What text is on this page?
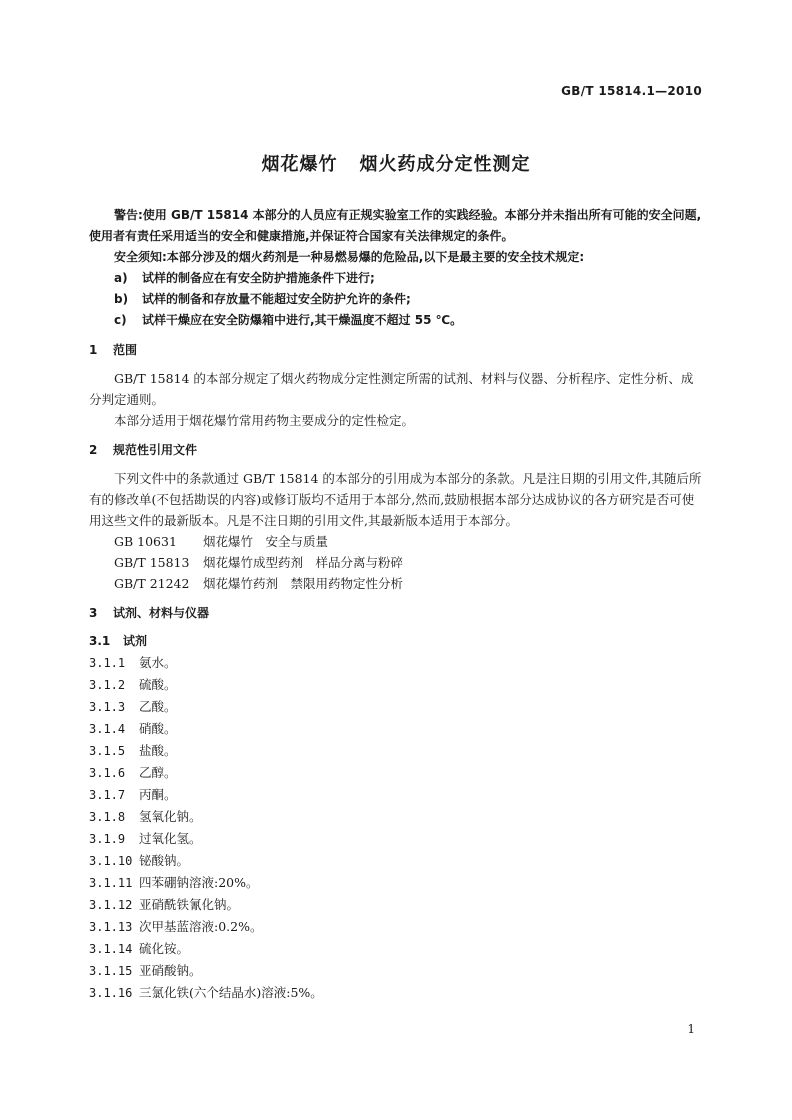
GB/T 15814.1—2010
烟花爆竹 烟火药成分定性测定

警告:使用 GB/T 15814 本部分的人员应有正规实验室工作的实践经验。本部分并未指出所有可能的安全问题,使用者有责任采用适当的安全和健康措施,并保证符合国家有关法律规定的条件。

安全须知:本部分涉及的烟火药剂是一种易燃易爆的危险品,以下是最主要的安全技术规定:

a) 试样的制备应在有安全防护措施条件下进行;

b) 试样的制备和存放量不能超过安全防护允许的条件;

c) 试样干燥应在安全防爆箱中进行,其干燥温度不超过 55 ℃。

1 范围

GB/T 15814 的本部分规定了烟火药物成分定性测定所需的试剂、材料与仪器、分析程序、定性分析、成分判定通则。

本部分适用于烟花爆竹常用药物主要成分的定性检定。

2 规范性引用文件

下列文件中的条款通过 GB/T 15814 的本部分的引用成为本部分的条款。凡是注日期的引用文件,其随后所有的修改单(不包括勘误的内容)或修订版均不适用于本部分,然而,鼓励根据本部分达成协议的各方研究是否可使用这些文件的最新版本。凡是不注日期的引用文件,其最新版本适用于本部分。

GB 10631 烟花爆竹　安全与质量

GB/T 15813 烟花爆竹成型药剂　样品分离与粉碎

GB/T 21242 烟花爆竹药剂　禁限用药物定性分析

3 试剂、材料与仪器

3.1 试剂

3.1.1 氨水。

3.1.2 硫酸。

3.1.3 乙酸。

3.1.4 硝酸。

3.1.5 盐酸。

3.1.6 乙醇。

3.1.7 丙酮。

3.1.8 氢氧化钠。

3.1.9 过氧化氢。

3.1.10 铋酸钠。

3.1.11 四苯硼钠溶液:20%。

3.1.12 亚硝酰铁氰化钠。

3.1.13 次甲基蓝溶液:0.2%。

3.1.14 硫化铵。

3.1.15 亚硝酸钠。

3.1.16 三氯化铁(六个结晶水)溶液:5%。

1
